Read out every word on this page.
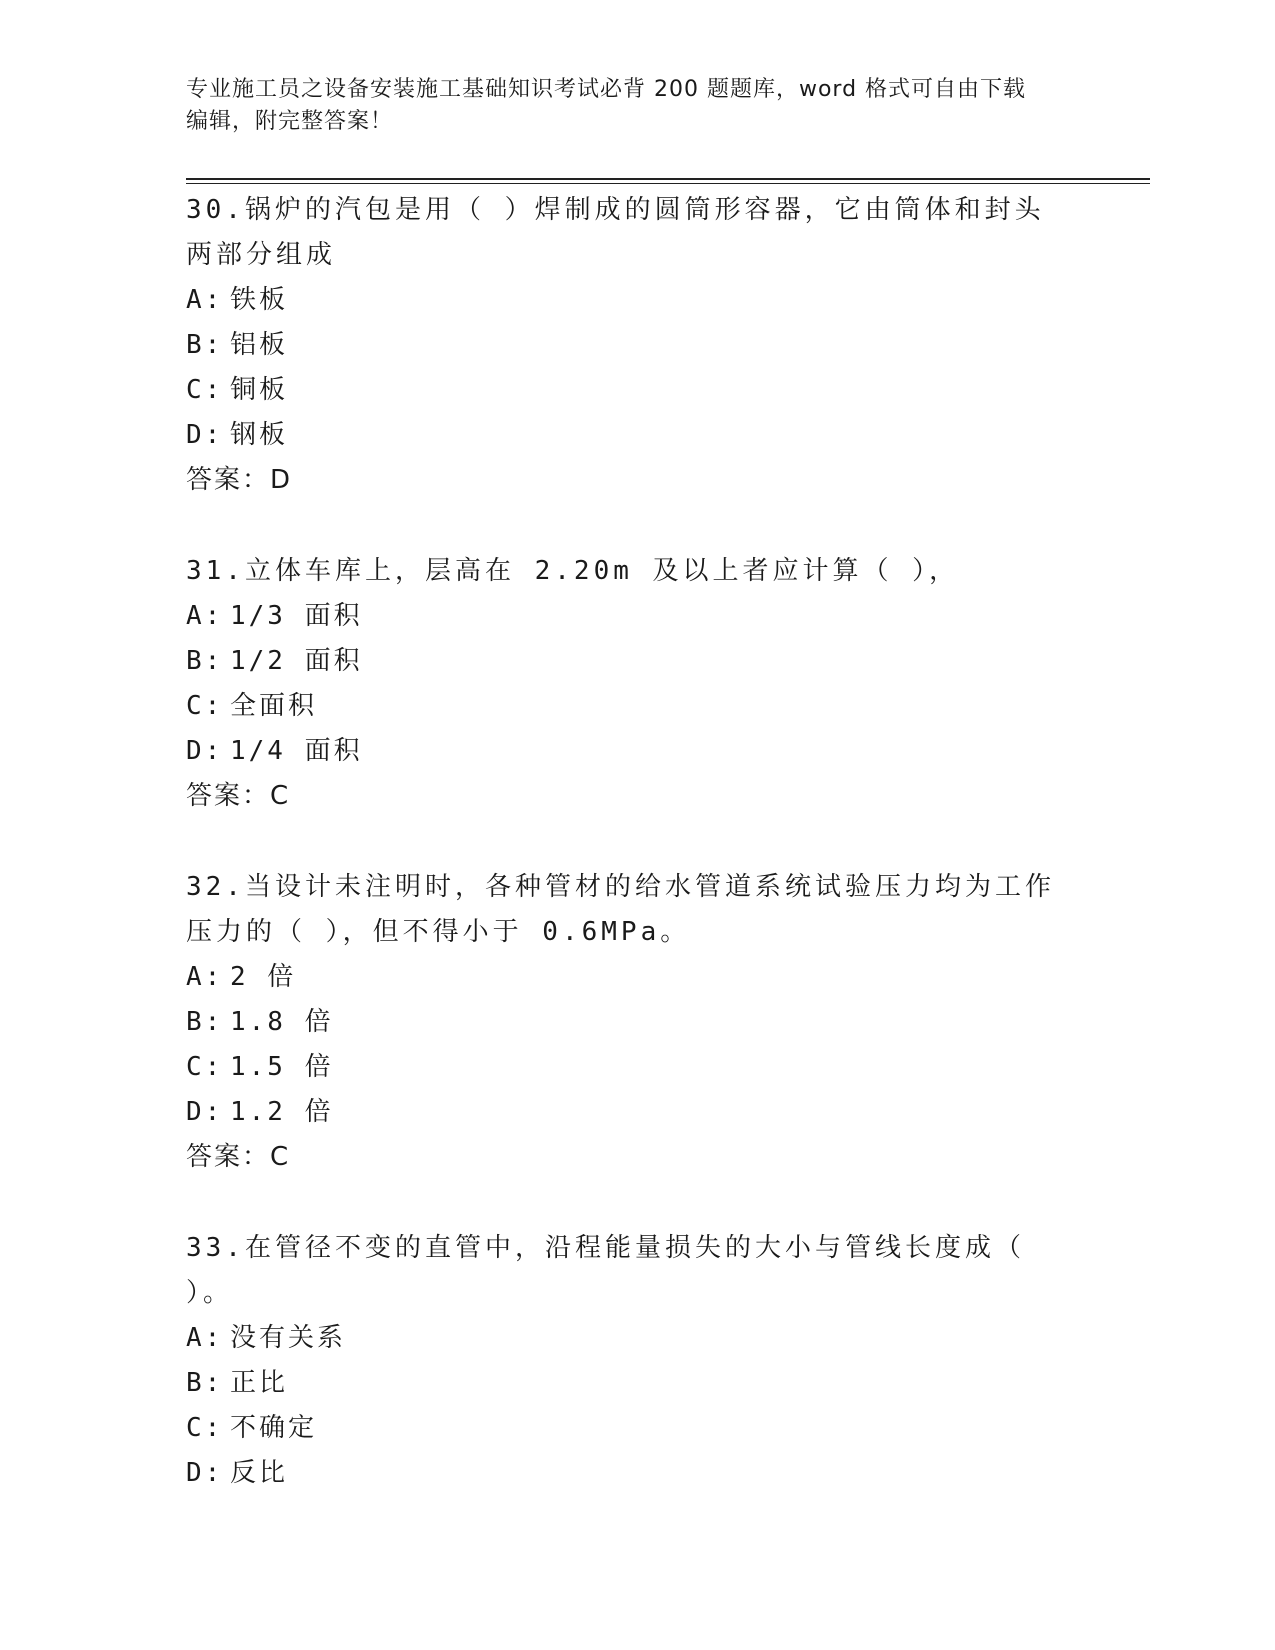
专业施工员之设备安装施工基础知识考试必背 200 题题库，word 格式可自由下载
编辑，附完整答案！
30.锅炉的汽包是用（ ）焊制成的圆筒形容器，它由筒体和封头两部分组成
A: 铁板
B: 铝板
C: 铜板
D: 钢板
答案：D
31.立体车库上，层高在 2.20m 及以上者应计算（ ），
A: 1/3 面积
B: 1/2 面积
C: 全面积
D: 1/4 面积
答案：C
32.当设计未注明时，各种管材的给水管道系统试验压力均为工作压力的（ ），但不得小于 0.6MPa。
A: 2 倍
B: 1.8 倍
C: 1.5 倍
D: 1.2 倍
答案：C
33.在管径不变的直管中，沿程能量损失的大小与管线长度成（ ）。
A: 没有关系
B: 正比
C: 不确定
D: 反比
